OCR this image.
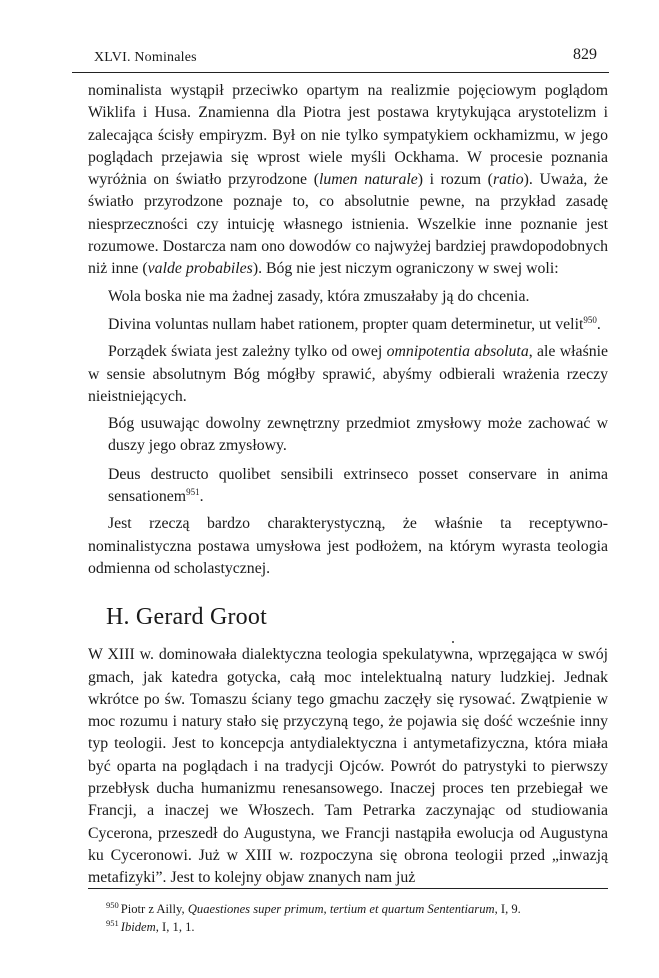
XLVI. Nominales	829

nominalista wystąpił przeciwko opartym na realizmie pojęciowym poglądom Wiklifa i Husa. Znamienna dla Piotra jest postawa krytykująca arystotelizm i zalecająca ścisły empiryzm. Był on nie tylko sympatykiem ockhamizmu, w jego poglądach przejawia się wprost wiele myśli Ockhama. W procesie poznania wyróżnia on światło przyrodzone (lumen naturale) i rozum (ratio). Uważa, że światło przyrodzone poznaje to, co absolutnie pewne, na przykład zasadę niesprzeczności czy intuicję własnego istnienia. Wszelkie inne poznanie jest rozumowe. Dostarcza nam ono dowodów co najwyżej bardziej prawdopodobnych niż inne (valde probabiles). Bóg nie jest niczym ograniczony w swej woli:

Wola boska nie ma żadnej zasady, która zmuszałaby ją do chcenia.

Divina voluntas nullam habet rationem, propter quam determinetur, ut velit$^{950}$.

Porządek świata jest zależny tylko od owej omnipotentia absoluta, ale właśnie w sensie absolutnym Bóg mógłby sprawić, abyśmy odbierali wrażenia rzeczy nieistniejących.

Bóg usuwając dowolny zewnętrzny przedmiot zmysłowy może zachować w duszy jego obraz zmysłowy.

Deus destructo quolibet sensibili extrinseco posset conservare in anima sensationem$^{951}$.

Jest rzeczą bardzo charakterystyczną, że właśnie ta receptywno-nominalistyczna postawa umysłowa jest podłożem, na którym wyrasta teologia odmienna od scholastycznej.

H. Gerard Groot

W XIII w. dominowała dialektyczna teologia spekulatywna, wprzęgająca w swój gmach, jak katedra gotycka, całą moc intelektualną natury ludzkiej. Jednak wkrótce po św. Tomaszu ściany tego gmachu zaczęły się rysować. Zwątpienie w moc rozumu i natury stało się przyczyną tego, że pojawia się dość wcześnie inny typ teologii. Jest to koncepcja antydialektyczna i antymetafizyczna, która miała być oparta na poglądach i na tradycji Ojców. Powrót do patrystyki to pierwszy przebłysk ducha humanizmu renesansowego. Inaczej proces ten przebiegał we Francji, a inaczej we Włoszech. Tam Petrarka zaczynając od studiowania Cycerona, przeszedł do Augustyna, we Francji nastąpiła ewolucja od Augustyna ku Cyceronowi. Już w XIII w. rozpoczyna się obrona teologii przed „inwazją metafizyki”. Jest to kolejny objaw znanych nam już

$^{950}$ Piotr z Ailly, Quaestiones super primum, tertium et quartum Sententiarum, I, 9.

$^{951}$ Ibidem, I, 1, 1.
